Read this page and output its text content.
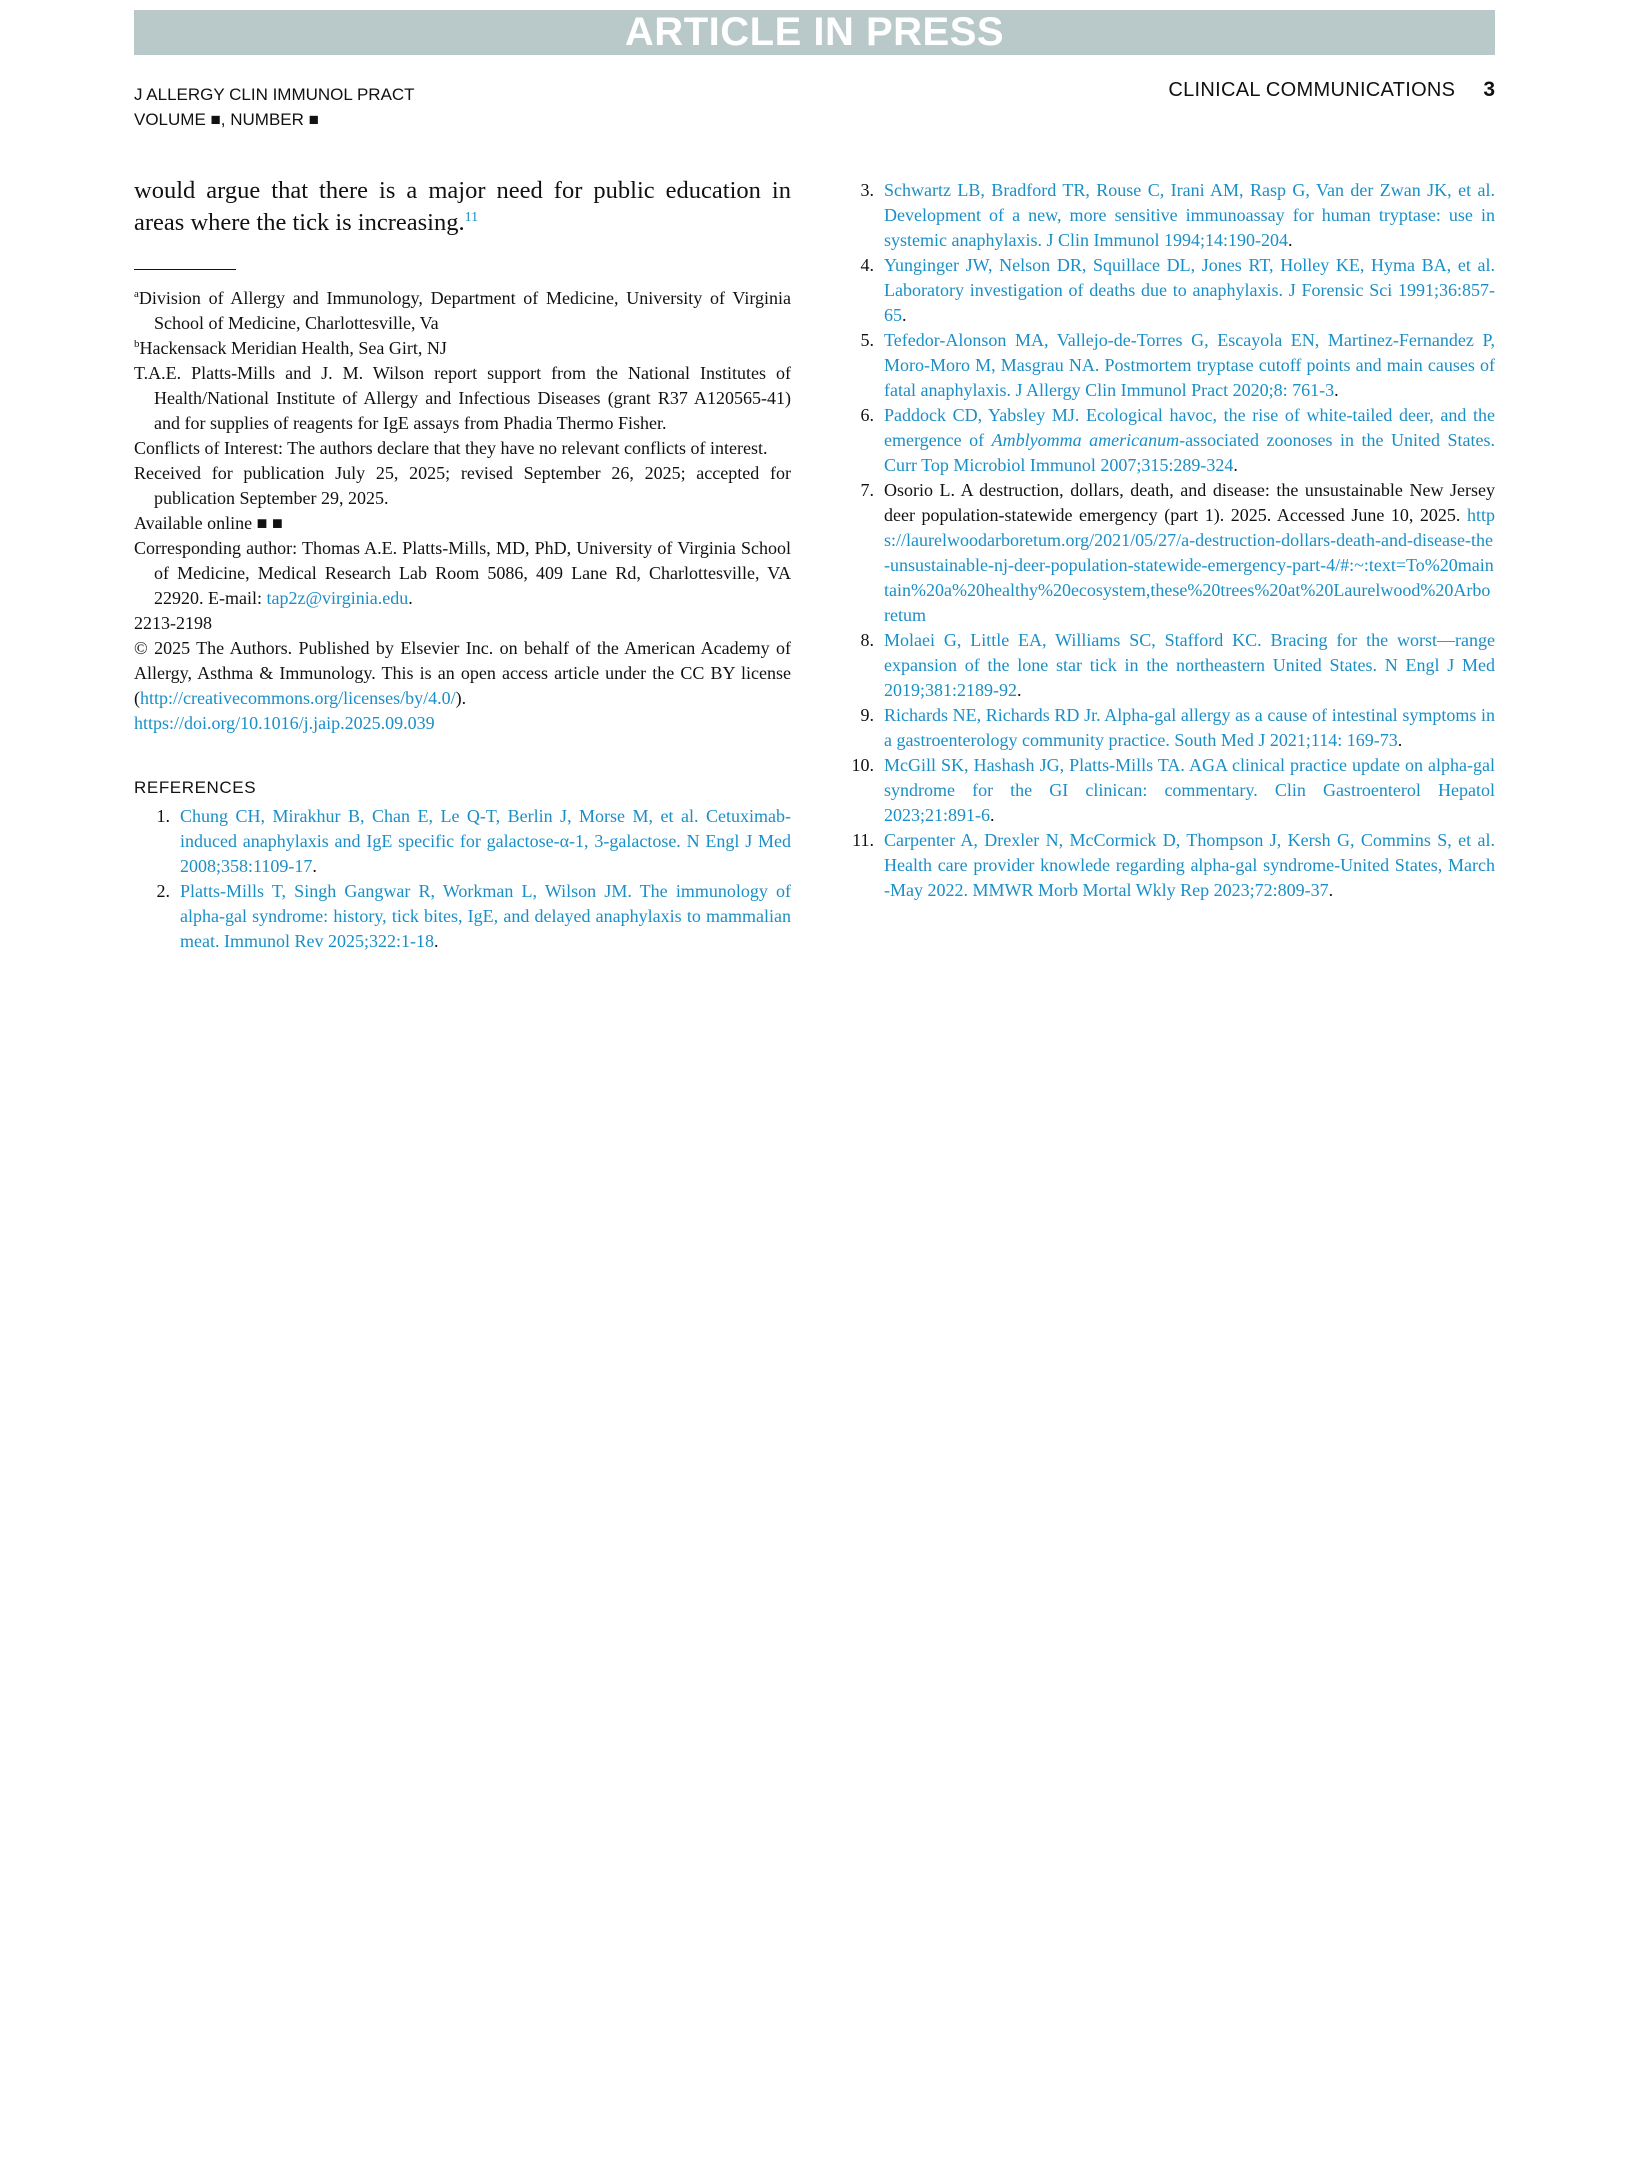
ARTICLE IN PRESS
J ALLERGY CLIN IMMUNOL PRACT
VOLUME ■, NUMBER ■
CLINICAL COMMUNICATIONS 3

would argue that there is a major need for public education in areas where the tick is increasing.$^{11}$

$^a$Division of Allergy and Immunology, Department of Medicine, University of Virginia School of Medicine, Charlottesville, Va

$^b$Hackensack Meridian Health, Sea Girt, NJ

T.A.E. Platts-Mills and J. M. Wilson report support from the National Institutes of Health/National Institute of Allergy and Infectious Diseases (grant R37 A120565-41) and for supplies of reagents for IgE assays from Phadia Thermo Fisher.

Conflicts of Interest: The authors declare that they have no relevant conflicts of interest.

Received for publication July 25, 2025; revised September 26, 2025; accepted for publication September 29, 2025.

Available online ■ ■

Corresponding author: Thomas A.E. Platts-Mills, MD, PhD, University of Virginia School of Medicine, Medical Research Lab Room 5086, 409 Lane Rd, Charlottesville, VA 22920. E-mail: tap2z@virginia.edu.

2213-2198

© 2025 The Authors. Published by Elsevier Inc. on behalf of the American Academy of Allergy, Asthma & Immunology. This is an open access article under the CC BY license (http://creativecommons.org/licenses/by/4.0/).

https://doi.org/10.1016/j.jaip.2025.09.039

REFERENCES
1. Chung CH, Mirakhur B, Chan E, Le Q-T, Berlin J, Morse M, et al. Cetuximab-induced anaphylaxis and IgE specific for galactose-α-1, 3-galactose. N Engl J Med 2008;358:1109-17.
2. Platts-Mills T, Singh Gangwar R, Workman L, Wilson JM. The immunology of alpha-gal syndrome: history, tick bites, IgE, and delayed anaphylaxis to mammalian meat. Immunol Rev 2025;322:1-18.
3. Schwartz LB, Bradford TR, Rouse C, Irani AM, Rasp G, Van der Zwan JK, et al. Development of a new, more sensitive immunoassay for human tryptase: use in systemic anaphylaxis. J Clin Immunol 1994;14:190-204.
4. Yunginger JW, Nelson DR, Squillace DL, Jones RT, Holley KE, Hyma BA, et al. Laboratory investigation of deaths due to anaphylaxis. J Forensic Sci 1991;36:857-65.
5. Tefedor-Alonson MA, Vallejo-de-Torres G, Escayola EN, Martinez-Fernandez P, Moro-Moro M, Masgrau NA. Postmortem tryptase cutoff points and main causes of fatal anaphylaxis. J Allergy Clin Immunol Pract 2020;8: 761-3.
6. Paddock CD, Yabsley MJ. Ecological havoc, the rise of white-tailed deer, and the emergence of Amblyomma americanum-associated zoonoses in the United States. Curr Top Microbiol Immunol 2007;315:289-324.
7. Osorio L. A destruction, dollars, death, and disease: the unsustainable New Jersey deer population-statewide emergency (part 1). 2025. Accessed June 10, 2025. https://laurelwoodarboretum.org/2021/05/27/a-destruction-dollars-death-and-disease-the-unsustainable-nj-deer-population-statewide-emergency-part-4/#:~:text=To%20maintain%20a%20healthy%20ecosystem,these%20trees%20at%20Laurelwood%20Arboretum
8. Molaei G, Little EA, Williams SC, Stafford KC. Bracing for the worst—range expansion of the lone star tick in the northeastern United States. N Engl J Med 2019;381:2189-92.
9. Richards NE, Richards RD Jr. Alpha-gal allergy as a cause of intestinal symptoms in a gastroenterology community practice. South Med J 2021;114: 169-73.
10. McGill SK, Hashash JG, Platts-Mills TA. AGA clinical practice update on alpha-gal syndrome for the GI clinican: commentary. Clin Gastroenterol Hepatol 2023;21:891-6.
11. Carpenter A, Drexler N, McCormick D, Thompson J, Kersh G, Commins S, et al. Health care provider knowlede regarding alpha-gal syndrome-United States, March -May 2022. MMWR Morb Mortal Wkly Rep 2023;72:809-37.
